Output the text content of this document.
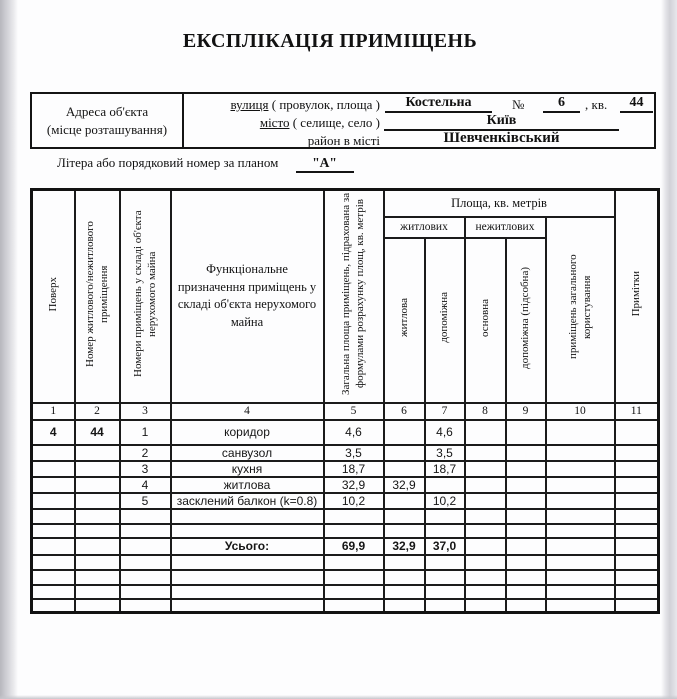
ЕКСПЛІКАЦІЯ ПРИМІЩЕНЬ
Адреса об'єкта
(місце розташування)
вулиця ( провулок, площа )	Костельна	№	6	, кв.	44
місто ( селище, село )	Київ
район в місті	Шевченківський
Літера або порядковий номер за планом	"А"
Поверх	Номер житлового/нежитлового приміщення	Номери приміщень у складі об'єкта нерухомого майна	Функціональне призначення приміщень у складі об'єкта нерухомого майна	Загальна площа приміщень, підрахована за формулами розрахунку площ, кв. метрів	Площа, кв. метрів					Примітки
					житлових		нежитлових		приміщень загального користування	
					житлова	допоміжна	основна	допоміжна (підсобна)		
1	2	3	4	5	6	7	8	9	10	11
4	44	1	коридор	4,6		4,6				
		2	санвузол	3,5		3,5				
		3	кухня	18,7		18,7				
		4	житлова	32,9	32,9					
		5	засклений балкон (k=0.8)	10,2		10,2				

			Усього:	69,9	32,9	37,0				
